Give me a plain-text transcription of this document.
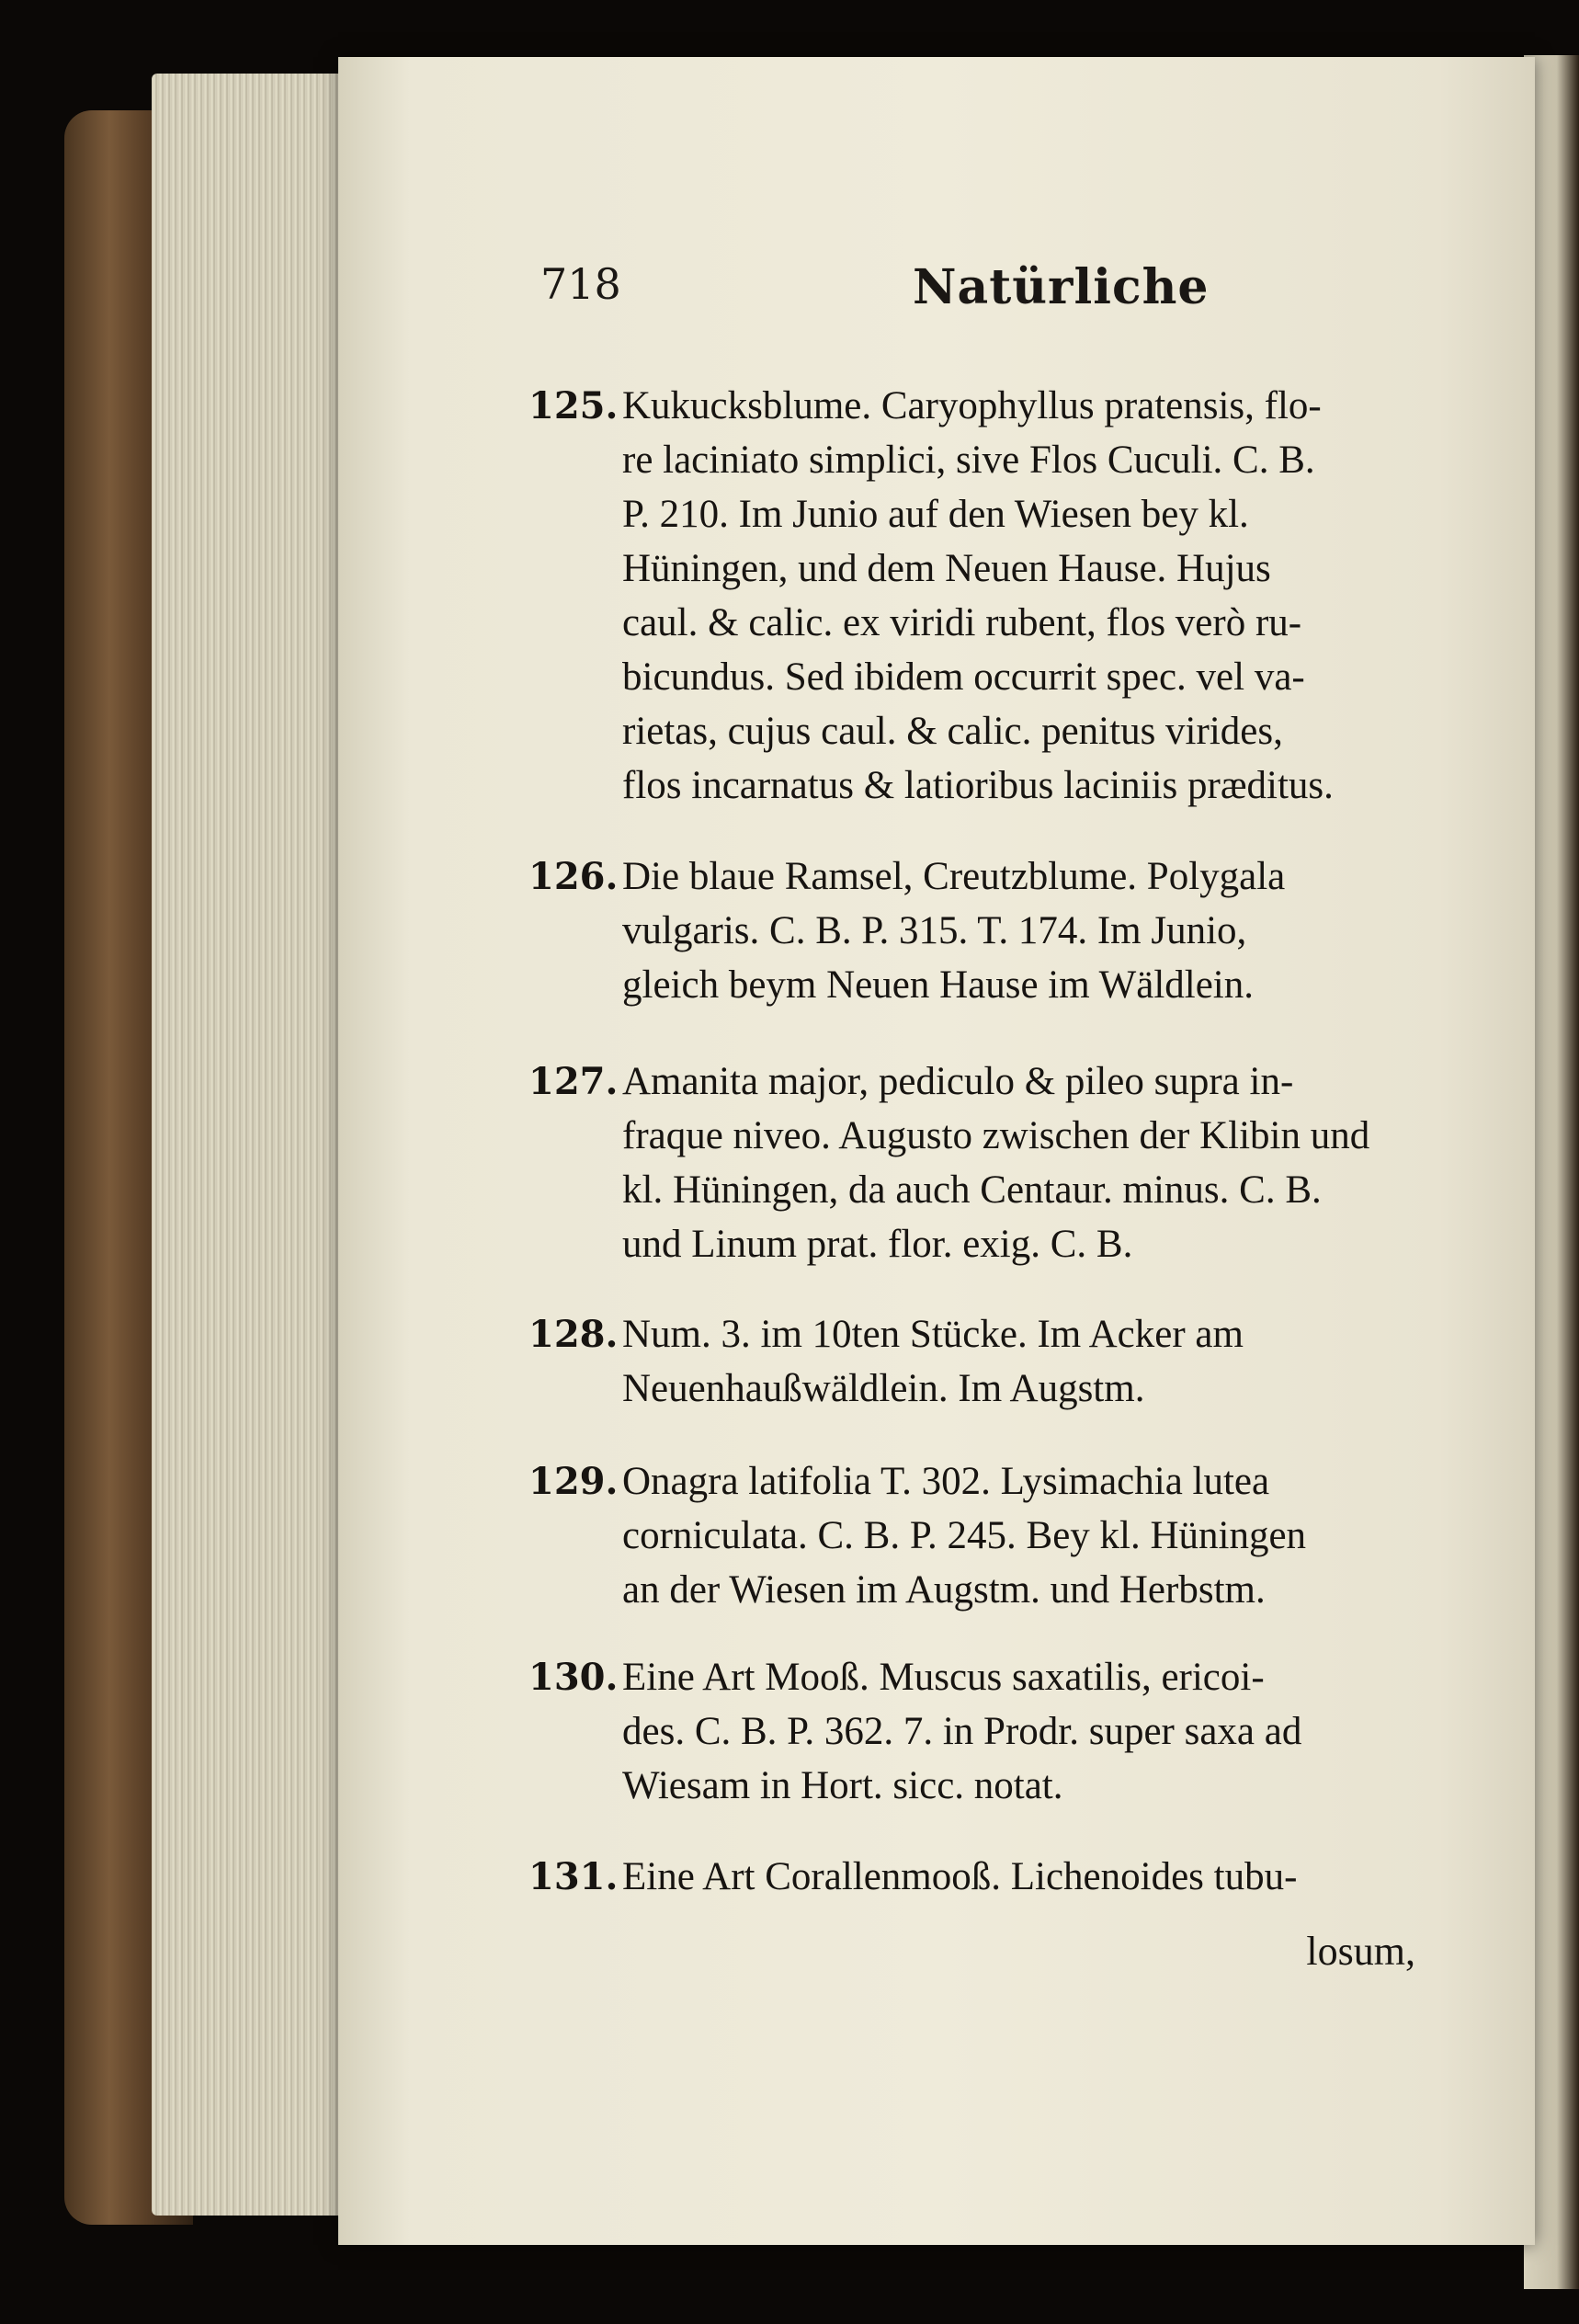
718	Natürliche
125. Kukucksblume. Caryophyllus pratensis, flo-
re laciniato simplici, sive Flos Cuculi. C. B.
P. 210. Im Junio auf den Wiesen bey kl.
Hüningen, und dem Neuen Hause. Hujus
caul. & calic. ex viridi rubent, flos verò ru-
bicundus. Sed ibidem occurrit spec. vel va-
rietas, cujus caul. & calic. penitus virides,
flos incarnatus & latioribus laciniis præditus.
126. Die blaue Ramsel, Creutzblume. Polygala
vulgaris. C. B. P. 315. T. 174. Im Junio,
gleich beym Neuen Hause im Wäldlein.
127. Amanita major, pediculo & pileo supra in-
fraque niveo. Augusto zwischen der Klibin und
kl. Hüningen, da auch Centaur. minus. C. B.
und Linum prat. flor. exig. C. B.
128. Num. 3. im 10ten Stücke. Im Acker am
Neuenhaußwäldlein. Im Augstm.
129. Onagra latifolia T. 302. Lysimachia lutea
corniculata. C. B. P. 245. Bey kl. Hüningen
an der Wiesen im Augstm. und Herbstm.
130. Eine Art Mooß. Muscus saxatilis, ericoi-
des. C. B. P. 362. 7. in Prodr. super saxa ad
Wiesam in Hort. sicc. notat.
131. Eine Art Corallenmooß. Lichenoides tubu-
losum,
